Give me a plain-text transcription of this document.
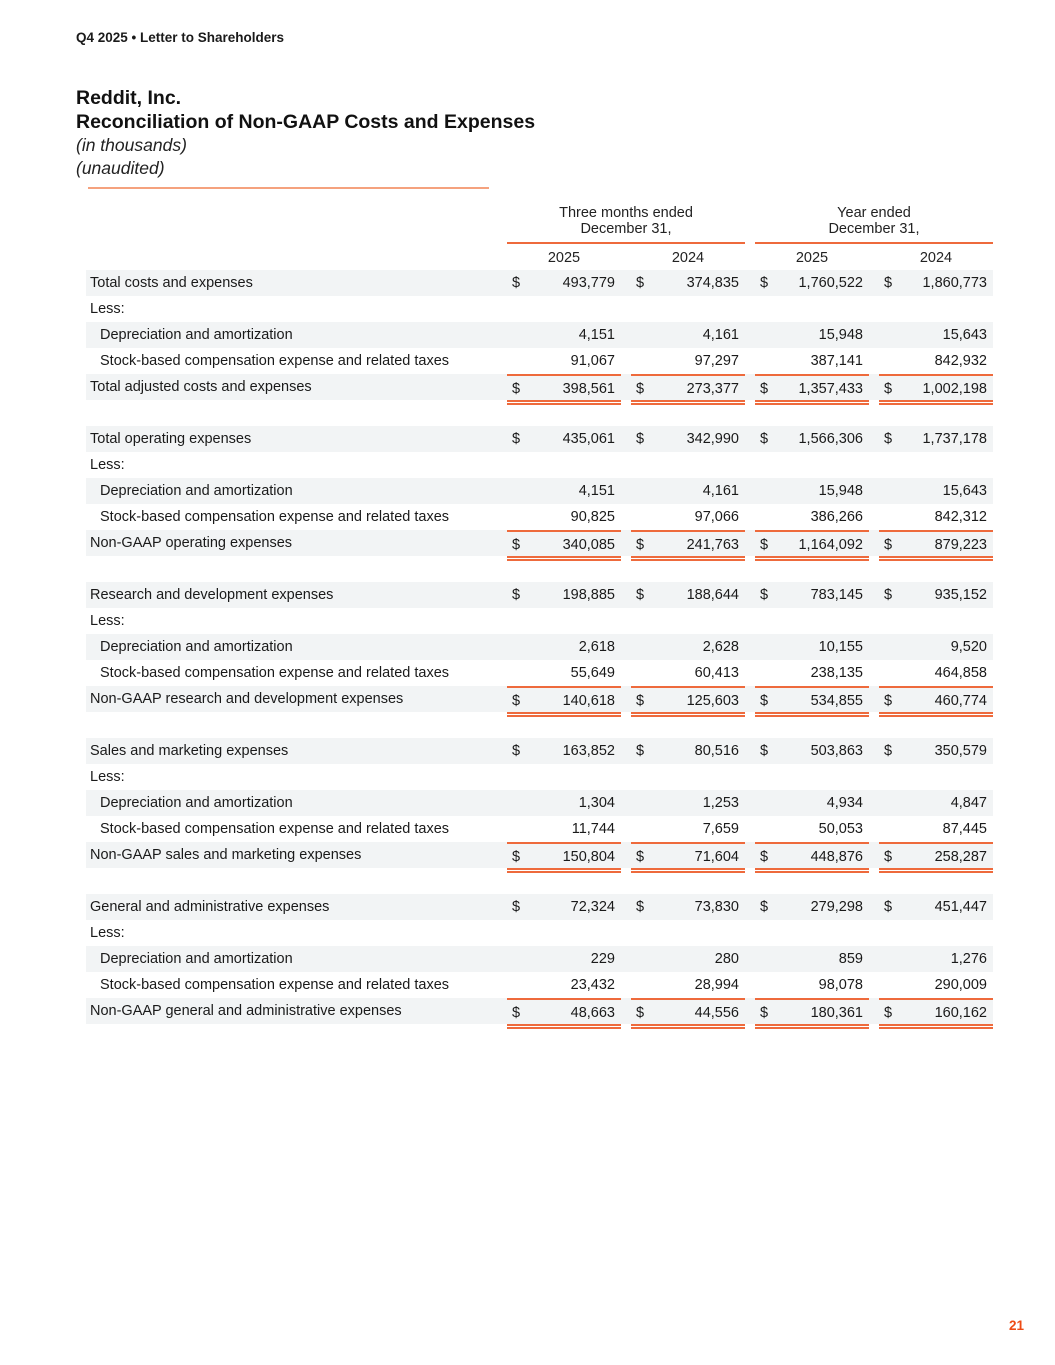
Q4 2025 • Letter to Shareholders
Reddit, Inc.
Reconciliation of Non-GAAP Costs and Expenses
(in thousands)
(unaudited)
Three months ended
December 31,
Year ended
December 31,
2025	2024	2025	2024
Total costs and expenses	$	493,779 $	374,835 $ 1,760,522 $ 1,860,773
Less:
Depreciation and amortization	4,151	4,161	15,948	15,643
Stock-based compensation expense and related taxes	91,067	97,297	387,141	842,932
Total adjusted costs and expenses	$	398,561 $	273,377 $ 1,357,433 $ 1,002,198
Total operating expenses	$	435,061 $	342,990 $ 1,566,306 $ 1,737,178
Less:
Depreciation and amortization	4,151	4,161	15,948	15,643
Stock-based compensation expense and related taxes	90,825	97,066	386,266	842,312
Non-GAAP operating expenses	$	340,085 $	241,763 $ 1,164,092 $	879,223
Research and development expenses	$	198,885 $	188,644 $	783,145 $	935,152
Less:
Depreciation and amortization	2,618	2,628	10,155	9,520
Stock-based compensation expense and related taxes	55,649	60,413	238,135	464,858
Non-GAAP research and development expenses	$	140,618 $	125,603 $	534,855 $	460,774
Sales and marketing expenses	$	163,852 $	80,516 $	503,863 $	350,579
Less:
Depreciation and amortization	1,304	1,253	4,934	4,847
Stock-based compensation expense and related taxes	11,744	7,659	50,053	87,445
Non-GAAP sales and marketing expenses	$	150,804 $	71,604 $	448,876 $	258,287
General and administrative expenses	$	72,324 $	73,830 $	279,298 $	451,447
Less:
Depreciation and amortization	229	280	859	1,276
Stock-based compensation expense and related taxes	23,432	28,994	98,078	290,009
Non-GAAP general and administrative expenses	$	48,663 $	44,556 $	180,361 $	160,162
21
